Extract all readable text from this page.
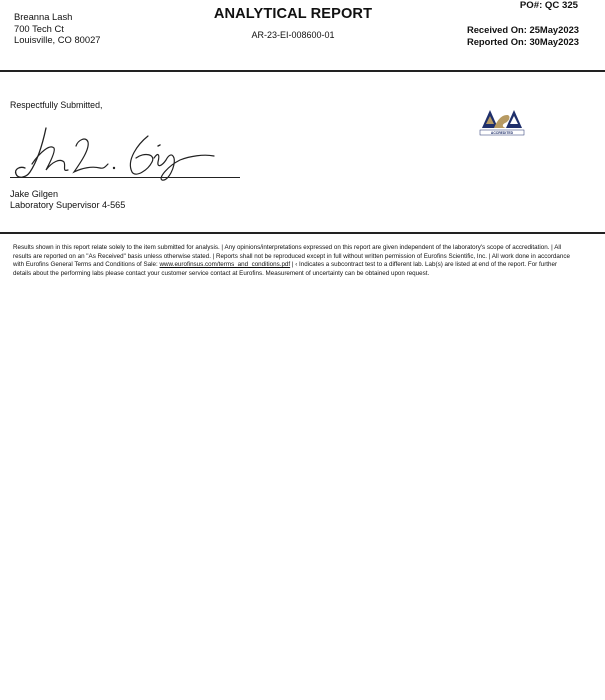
Breanna Lash
700 Tech Ct
Louisville, CO 80027
ANALYTICAL REPORT
AR-23-EI-008600-01
PO#: QC 325
Received On: 25May2023
Reported On: 30May2023
Respectfully Submitted,
Jake Gilgen
Laboratory Supervisor 4-565
ACCREDITED
Results shown in this report relate solely to the item submitted for analysis. | Any opinions/interpretations expressed on this report are given independent of the laboratory's scope of accreditation. | All results are reported on an "As Received" basis unless otherwise stated. | Reports shall not be reproduced except in full without written permission of Eurofins Scientific, Inc. | All work done in accordance with Eurofins General Terms and Conditions of Sale: www.eurofinsus.com/terms_and_conditions.pdf | ‹ Indicates a subcontract test to a different lab. Lab(s) are listed at end of the report. For further details about the performing labs please contact your customer service contact at Eurofins. Measurement of uncertainty can be obtained upon request.
